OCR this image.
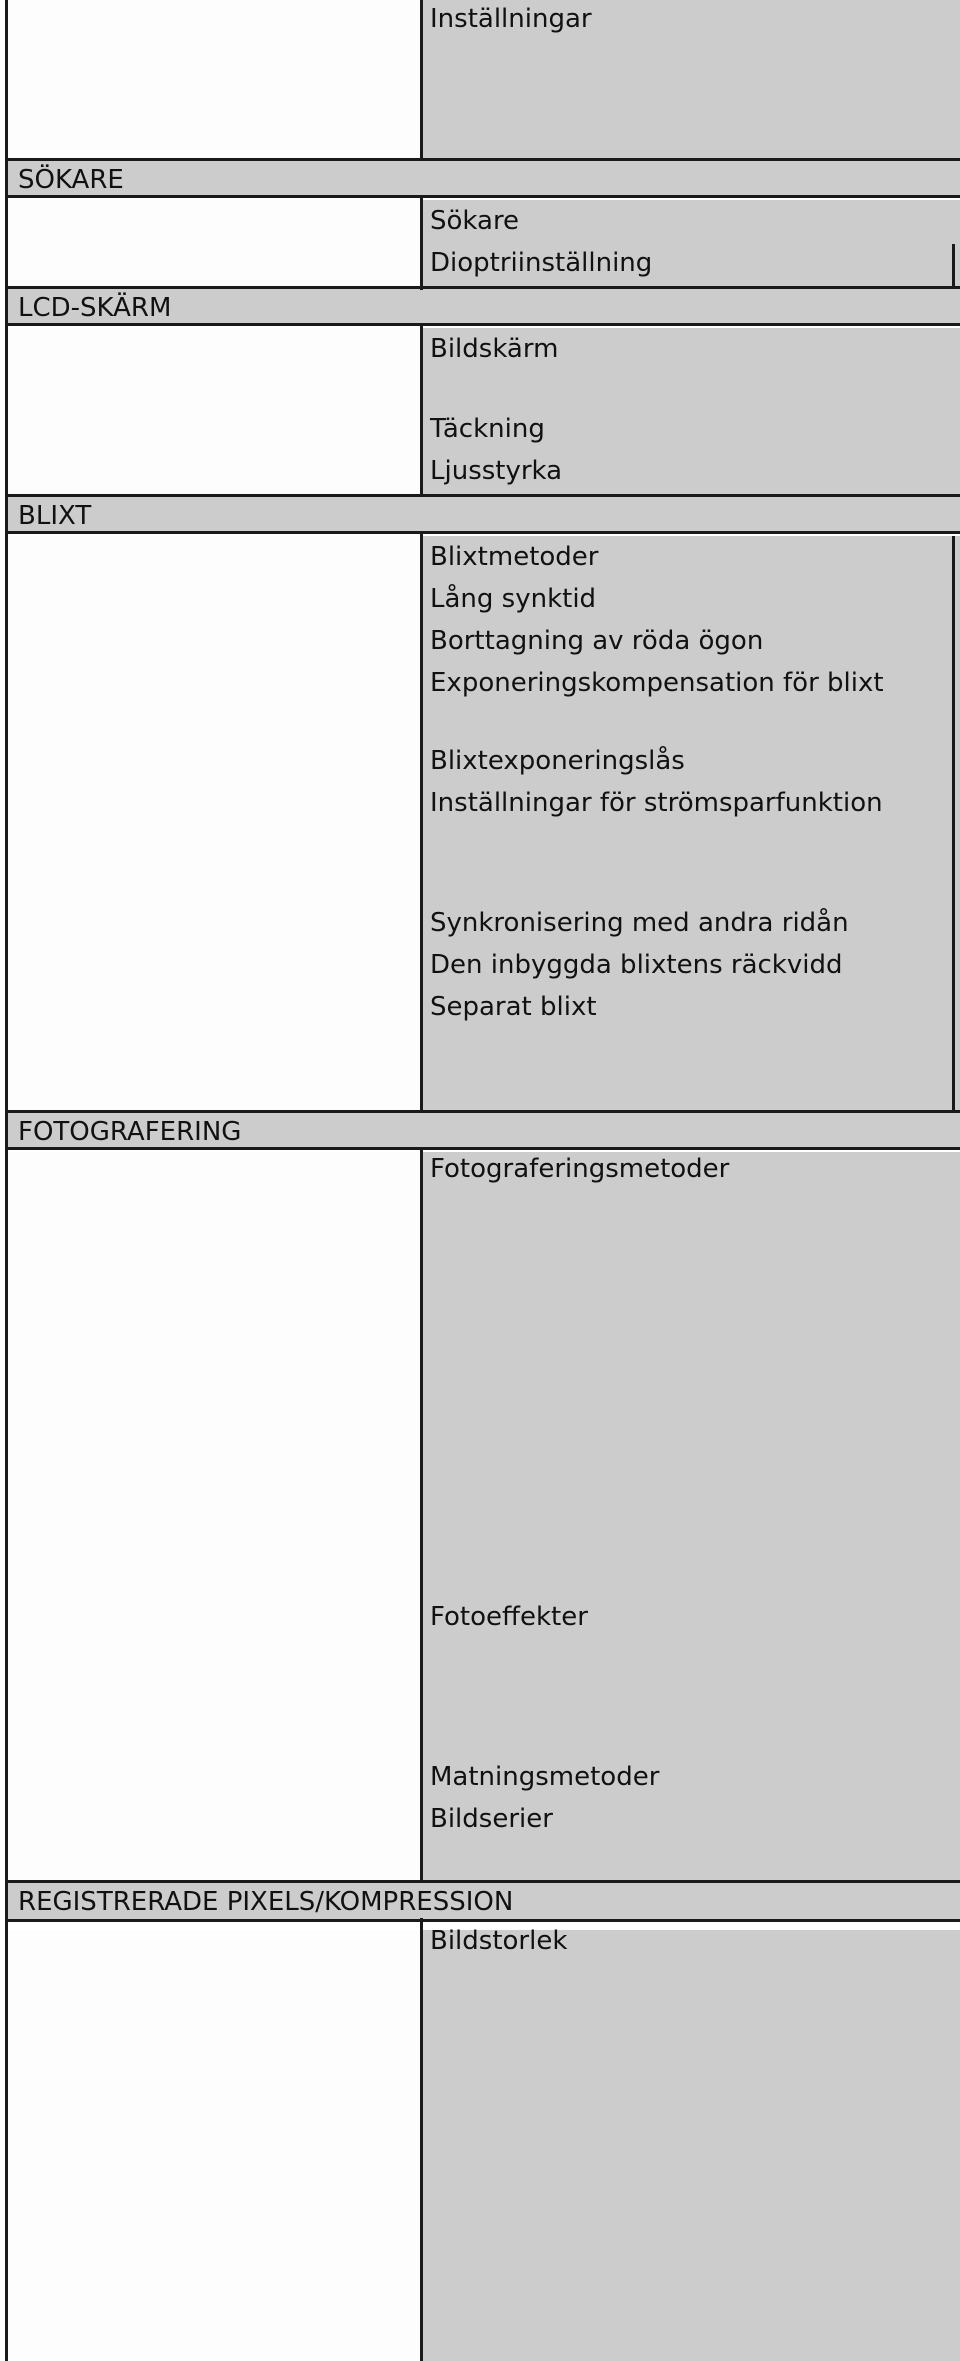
Inställningar
SÖKARE
Sökare
Dioptriinställning
LCD-SKÄRM
Bildskärm
Täckning
Ljusstyrka
BLIXT
Blixtmetoder
Lång synktid
Borttagning av röda ögon
Exponeringskompensation för blixt
Blixtexponeringslås
Inställningar för strömsparfunktion
Synkronisering med andra ridån
Den inbyggda blixtens räckvidd
Separat blixt
FOTOGRAFERING
Fotograferingsmetoder
Fotoeffekter
Matningsmetoder
Bildserier
REGISTRERADE PIXELS/KOMPRESSION
Bildstorlek
